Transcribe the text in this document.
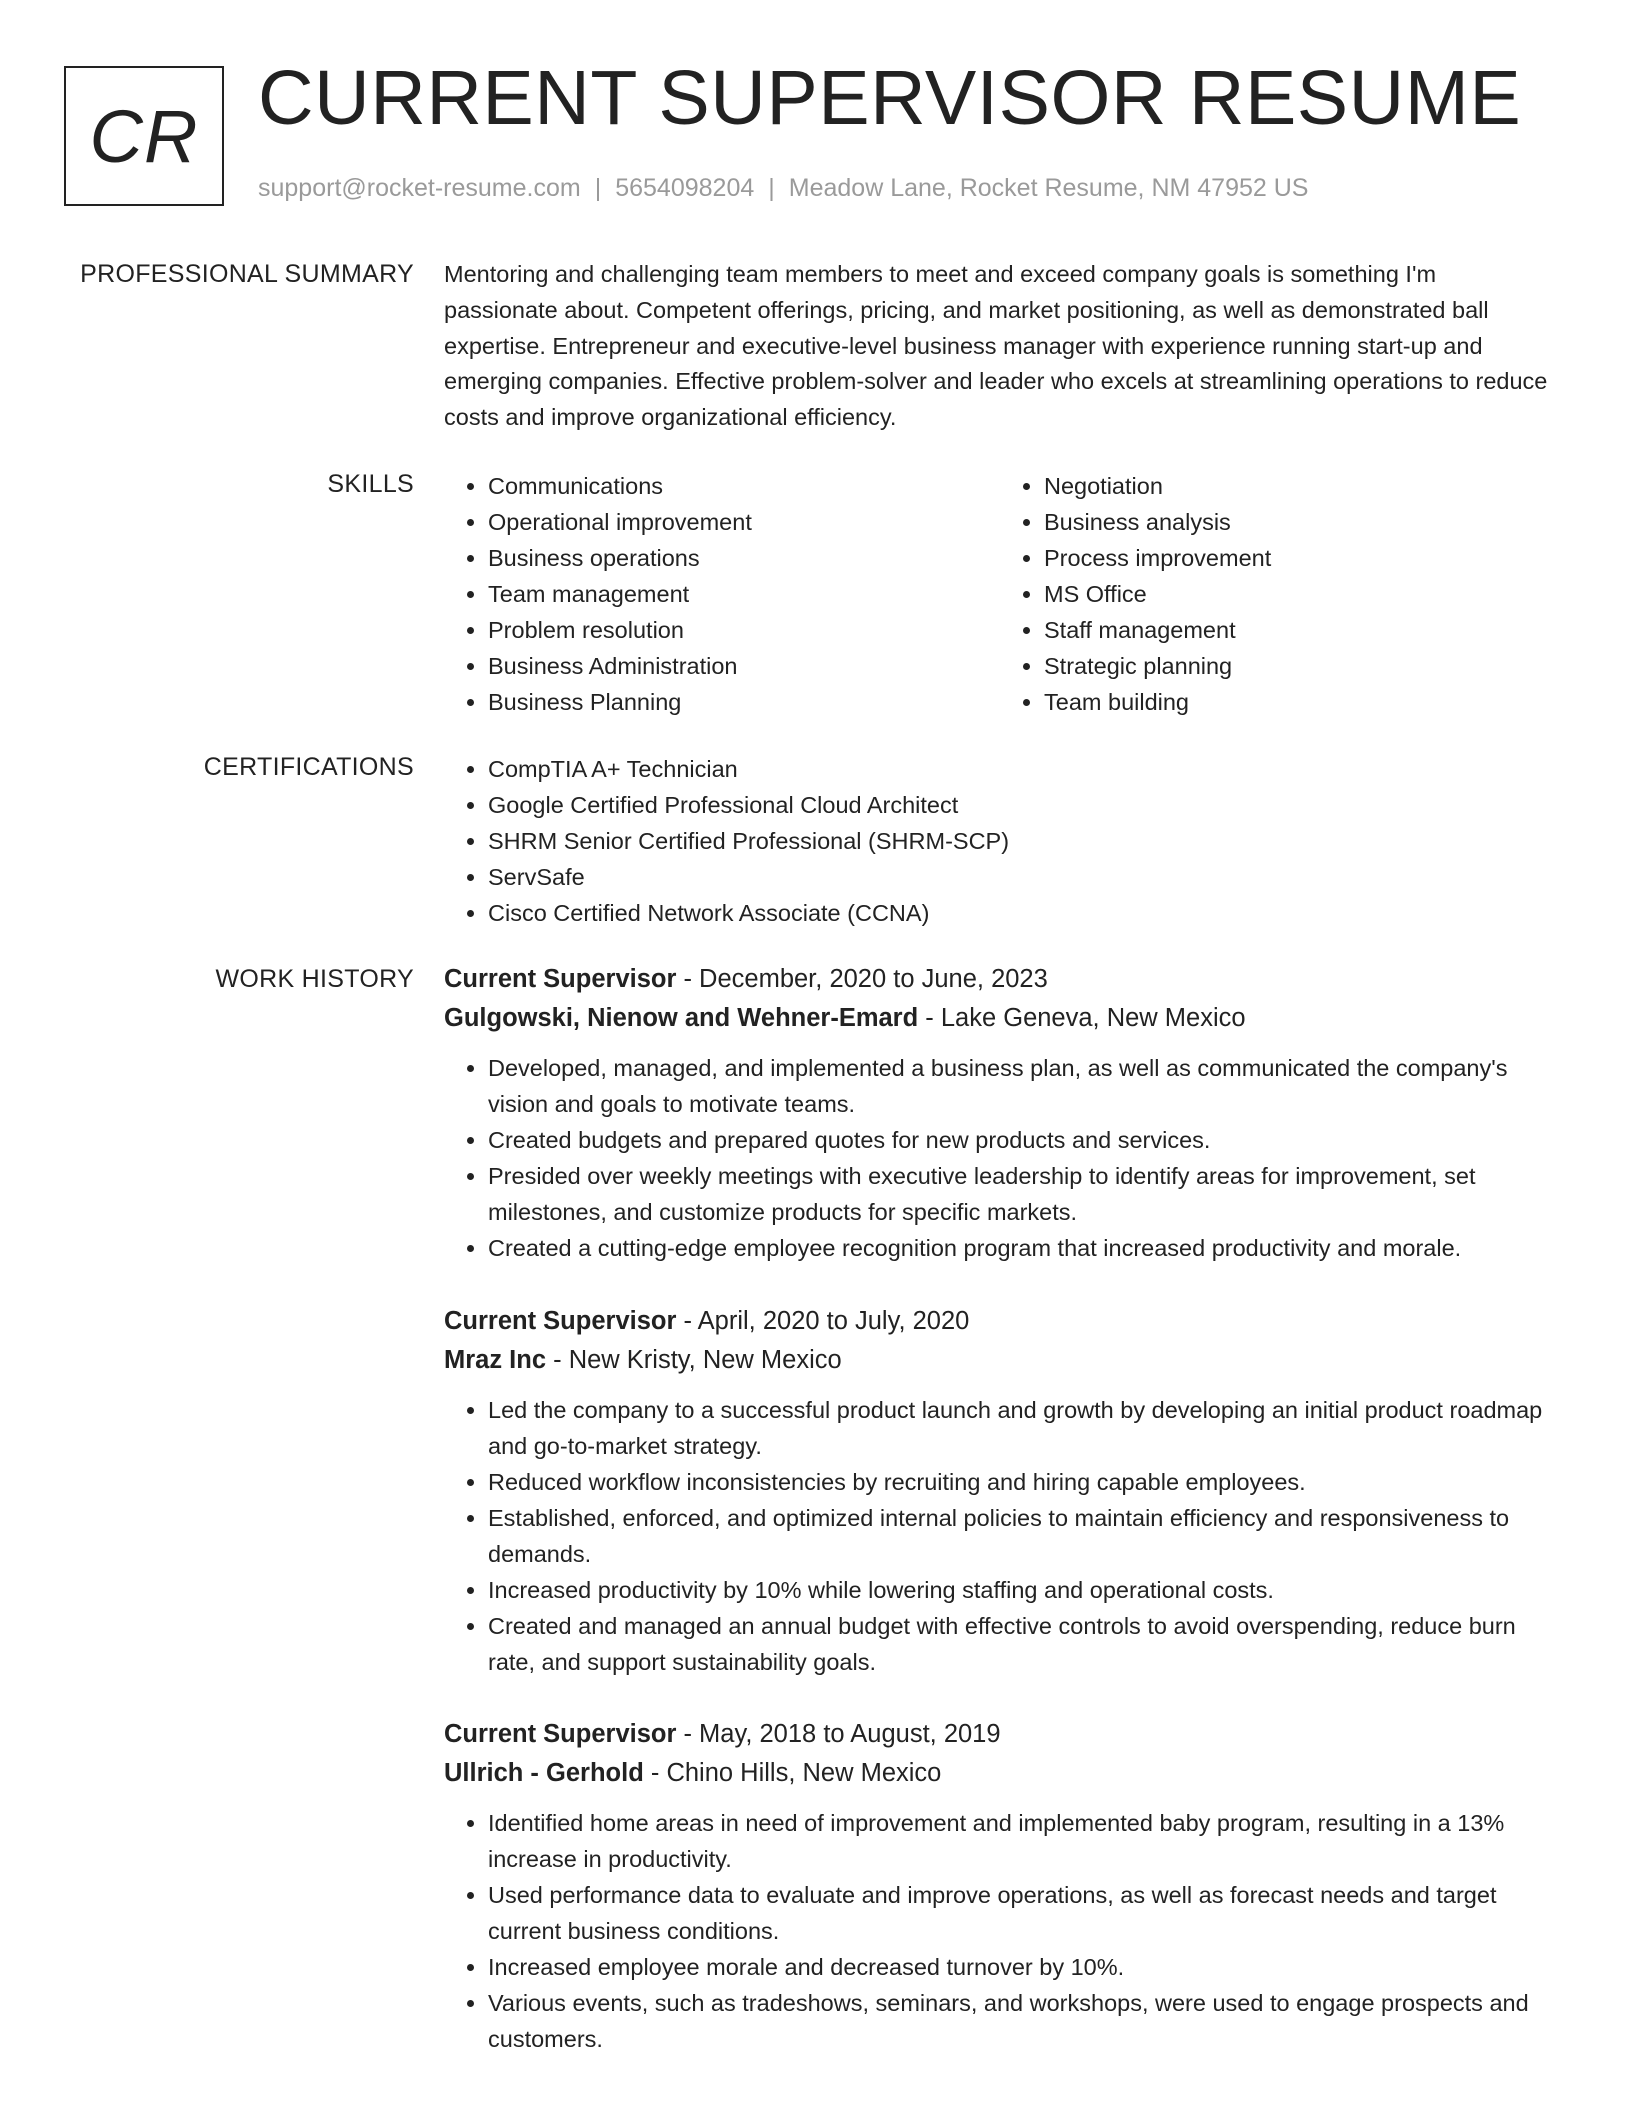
CR CURRENT SUPERVISOR RESUME
support@rocket-resume.com | 5654098204 | Meadow Lane, Rocket Resume, NM 47952 US
PROFESSIONAL SUMMARY Mentoring and challenging team members to meet and exceed company goals is something I'm passionate about. Competent offerings, pricing, and market positioning, as well as demonstrated ball expertise. Entrepreneur and executive-level business manager with experience running start-up and emerging companies. Effective problem-solver and leader who excels at streamlining operations to reduce costs and improve organizational efficiency.

SKILLS	• Communications
• Operational improvement
• Business operations
• Team management
• Problem resolution
• Business Administration
• Business Planning
• Negotiation
• Business analysis
• Process improvement
• MS Office
• Staff management
• Strategic planning
• Team building
CERTIFICATIONS	• CompTIA A+ Technician
• Google Certified Professional Cloud Architect
• SHRM Senior Certified Professional (SHRM-SCP)
• ServSafe
• Cisco Certified Network Associate (CCNA)
WORK HISTORY Current Supervisor - December, 2020 to June, 2023
Gulgowski, Nienow and Wehner-Emard - Lake Geneva, New Mexico
• Developed, managed, and implemented a business plan, as well as communicated the company's vision and goals to motivate teams.
• Created budgets and prepared quotes for new products and services.
• Presided over weekly meetings with executive leadership to identify areas for improvement, set milestones, and customize products for specific markets.
• Created a cutting-edge employee recognition program that increased productivity and morale.
Current Supervisor - April, 2020 to July, 2020
Mraz Inc - New Kristy, New Mexico
• Led the company to a successful product launch and growth by developing an initial product roadmap and go-to-market strategy.
• Reduced workflow inconsistencies by recruiting and hiring capable employees.
• Established, enforced, and optimized internal policies to maintain efficiency and responsiveness to demands.
• Increased productivity by 10% while lowering staffing and operational costs.
• Created and managed an annual budget with effective controls to avoid overspending, reduce burn rate, and support sustainability goals.
Current Supervisor - May, 2018 to August, 2019
Ullrich - Gerhold - Chino Hills, New Mexico
• Identified home areas in need of improvement and implemented baby program, resulting in a 13% increase in productivity.
• Used performance data to evaluate and improve operations, as well as forecast needs and target current business conditions.
• Increased employee morale and decreased turnover by 10%.
• Various events, such as tradeshows, seminars, and workshops, were used to engage prospects and customers.
